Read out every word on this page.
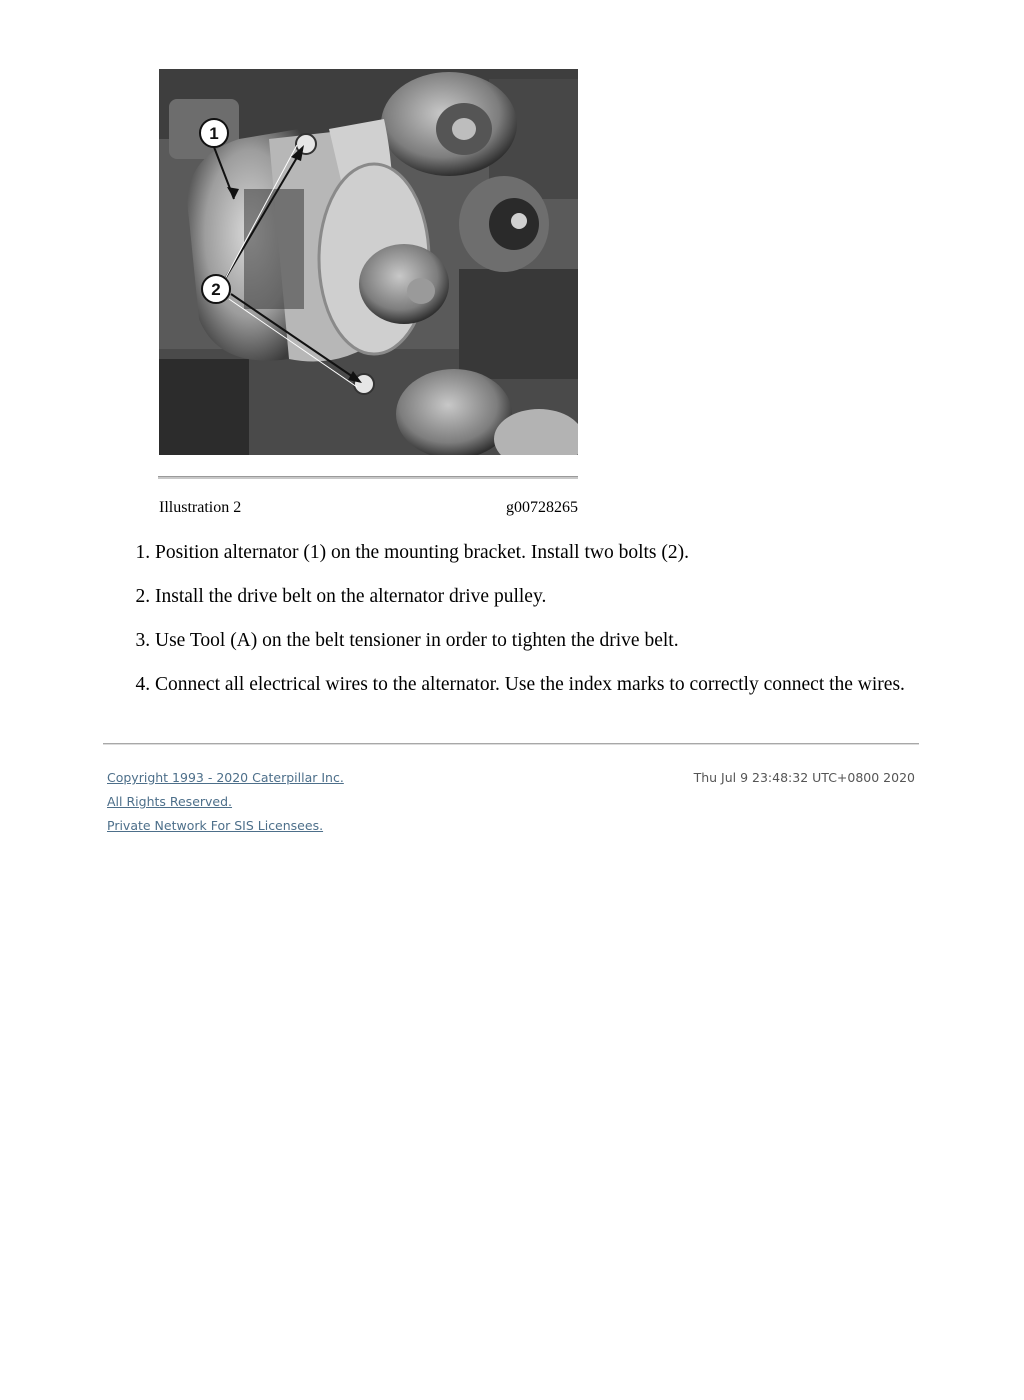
1
2
Illustration 2	g00728265
1. Position alternator (1) on the mounting bracket. Install two bolts (2).
2. Install the drive belt on the alternator drive pulley.
3. Use Tool (A) on the belt tensioner in order to tighten the drive belt.
4. Connect all electrical wires to the alternator. Use the index marks to correctly connect the wires.
Copyright 1993 - 2020 Caterpillar Inc.
All Rights Reserved.
Private Network For SIS Licensees.
Thu Jul 9 23:48:32 UTC+0800 2020
